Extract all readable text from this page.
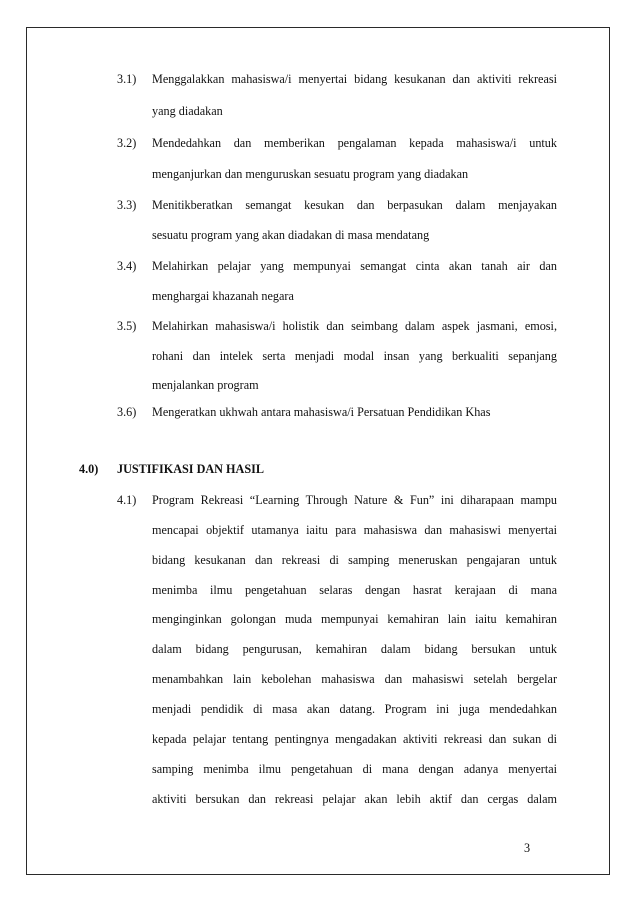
3.1) Menggalakkan mahasiswa/i menyertai bidang kesukanan dan aktiviti rekreasi
yang diadakan
3.2) Mendedahkan dan memberikan pengalaman kepada mahasiswa/i untuk
menganjurkan dan menguruskan sesuatu program yang diadakan
3.3) Menitikberatkan semangat kesukan dan berpasukan dalam menjayakan
sesuatu program yang akan diadakan di masa mendatang
3.4) Melahirkan pelajar yang mempunyai semangat cinta akan tanah air dan
menghargai khazanah negara
3.5) Melahirkan mahasiswa/i holistik dan seimbang dalam aspek jasmani, emosi,
rohani dan intelek serta menjadi modal insan yang berkualiti sepanjang
menjalankan program
3.6) Mengeratkan ukhwah antara mahasiswa/i Persatuan Pendidikan Khas
4.0) JUSTIFIKASI DAN HASIL
4.1) Program Rekreasi “Learning Through Nature & Fun” ini diharapaan mampu
mencapai objektif utamanya iaitu para mahasiswa dan mahasiswi menyertai
bidang kesukanan dan rekreasi di samping meneruskan pengajaran untuk
menimba ilmu pengetahuan selaras dengan hasrat kerajaan di mana
menginginkan golongan muda mempunyai kemahiran lain iaitu kemahiran
dalam bidang pengurusan, kemahiran dalam bidang bersukan untuk
menambahkan lain kebolehan mahasiswa dan mahasiswi setelah bergelar
menjadi pendidik di masa akan datang. Program ini juga mendedahkan
kepada pelajar tentang pentingnya mengadakan aktiviti rekreasi dan sukan di
samping menimba ilmu pengetahuan di mana dengan adanya menyertai
aktiviti bersukan dan rekreasi pelajar akan lebih aktif dan cergas dalam
3
